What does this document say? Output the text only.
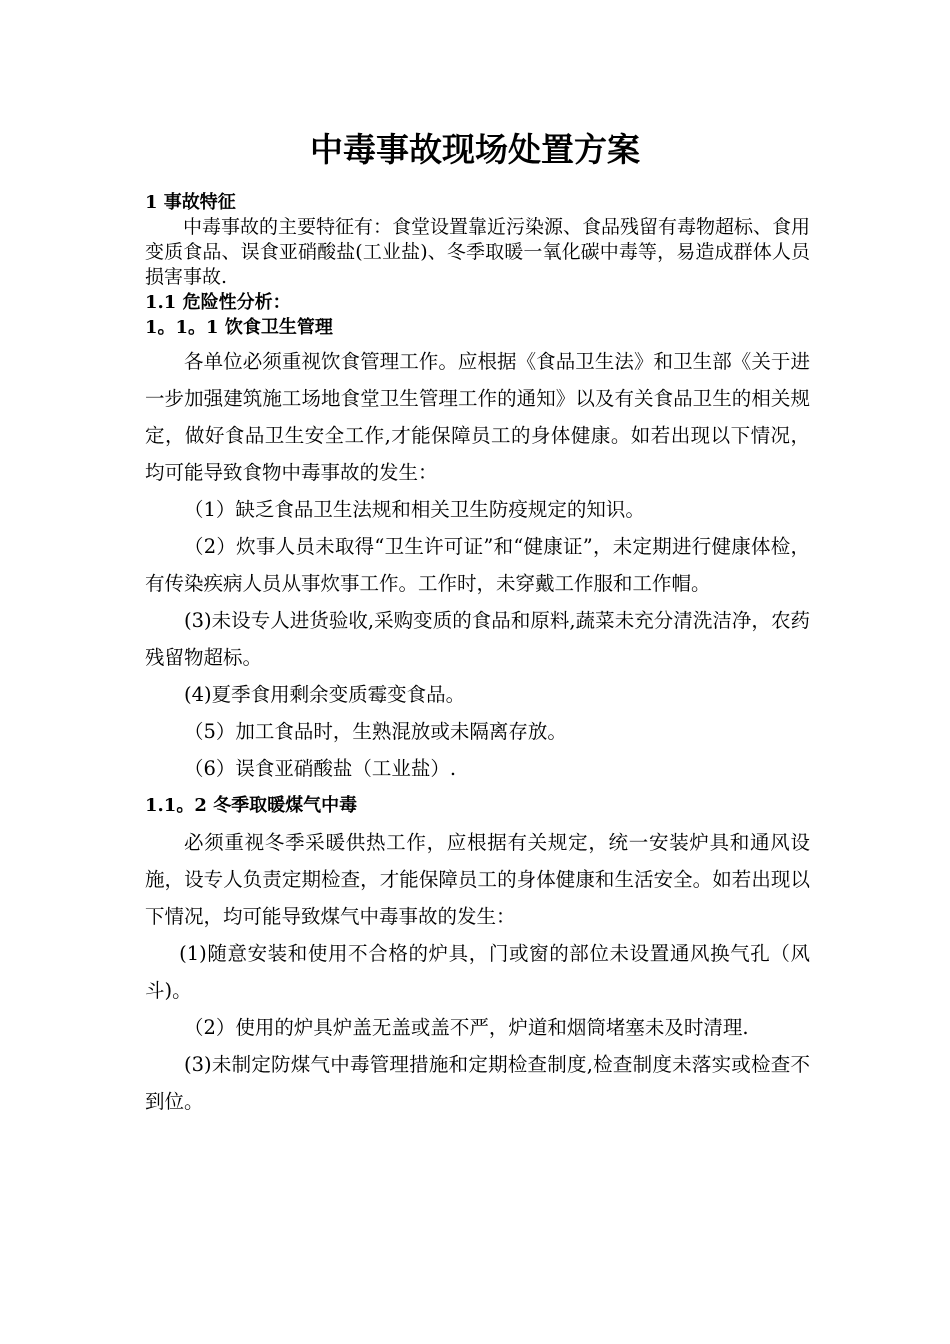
中毒事故现场处置方案
1 事故特征

中毒事故的主要特征有：食堂设置靠近污染源、食品残留有毒物超标、食用变质食品、误食亚硝酸盐(工业盐)、冬季取暖一氧化碳中毒等，易造成群体人员损害事故.

1.1 危险性分析：
1。1。1 饮食卫生管理

各单位必须重视饮食管理工作。应根据《食品卫生法》和卫生部《关于进一步加强建筑施工场地食堂卫生管理工作的通知》以及有关食品卫生的相关规定，做好食品卫生安全工作,才能保障员工的身体健康。如若出现以下情况，均可能导致食物中毒事故的发生：

（1）缺乏食品卫生法规和相关卫生防疫规定的知识。

（2）炊事人员未取得“卫生许可证”和“健康证”，未定期进行健康体检，有传染疾病人员从事炊事工作。工作时，未穿戴工作服和工作帽。

(3)未设专人进货验收,采购变质的食品和原料,蔬菜未充分清洗洁净，农药残留物超标。

(4)夏季食用剩余变质霉变食品。

（5）加工食品时，生熟混放或未隔离存放。

（6）误食亚硝酸盐（工业盐）.

1.1。2 冬季取暖煤气中毒

必须重视冬季采暖供热工作，应根据有关规定，统一安装炉具和通风设施，设专人负责定期检查，才能保障员工的身体健康和生活安全。如若出现以下情况，均可能导致煤气中毒事故的发生：

(1)随意安装和使用不合格的炉具，门或窗的部位未设置通风换气孔（风斗)。

（2）使用的炉具炉盖无盖或盖不严，炉道和烟筒堵塞未及时清理.

(3)未制定防煤气中毒管理措施和定期检查制度,检查制度未落实或检查不到位。
